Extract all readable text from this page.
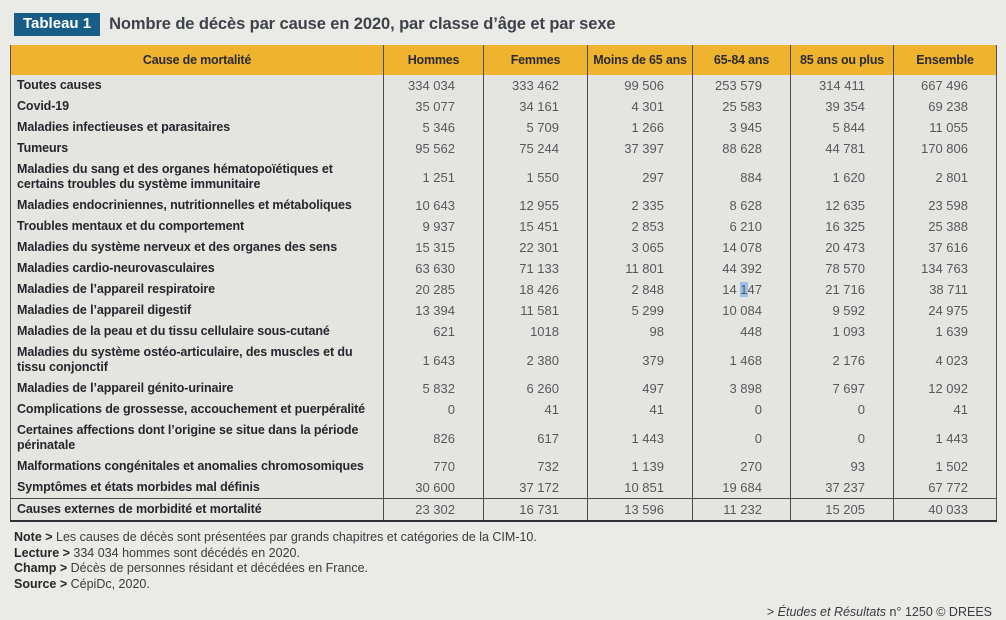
Tableau 1	Nombre de décès par cause en 2020, par classe d’âge et par sexe
Cause de mortalité	Hommes	Femmes	Moins de 65 ans	65-84 ans	85 ans ou plus	Ensemble
Toutes causes	334 034	333 462	99 506	253 579	314 411	667 496
Covid-19	35 077	34 161	4 301	25 583	39 354	69 238
Maladies infectieuses et parasitaires	5 346	5 709	1 266	3 945	5 844	11 055
Tumeurs	95 562	75 244	37 397	88 628	44 781	170 806
Maladies du sang et des organes hématopoïétiques et certains troubles du système immunitaire	1 251	1 550	297	884	1 620	2 801
Maladies endocriniennes, nutritionnelles et métaboliques	10 643	12 955	2 335	8 628	12 635	23 598
Troubles mentaux et du comportement	9 937	15 451	2 853	6 210	16 325	25 388
Maladies du système nerveux et des organes des sens	15 315	22 301	3 065	14 078	20 473	37 616
Maladies cardio-neurovasculaires	63 630	71 133	11 801	44 392	78 570	134 763
Maladies de l’appareil respiratoire	20 285	18 426	2 848	14 147	21 716	38 711
Maladies de l’appareil digestif	13 394	11 581	5 299	10 084	9 592	24 975
Maladies de la peau et du tissu cellulaire sous-cutané	621	1018	98	448	1 093	1 639
Maladies du système ostéo-articulaire, des muscles et du tissu conjonctif	1 643	2 380	379	1 468	2 176	4 023
Maladies de l’appareil génito-urinaire	5 832	6 260	497	3 898	7 697	12 092
Complications de grossesse, accouchement et puerpéralité	0	41	41	0	0	41
Certaines affections dont l’origine se situe dans la période périnatale	826	617	1 443	0	0	1 443
Malformations congénitales et anomalies chromosomiques	770	732	1 139	270	93	1 502
Symptômes et états morbides mal définis	30 600	37 172	10 851	19 684	37 237	67 772
Causes externes de morbidité et mortalité	23 302	16 731	13 596	11 232	15 205	40 033
Note > Les causes de décès sont présentées par grands chapitres et catégories de la CIM-10.
Lecture > 334 034 hommes sont décédés en 2020.
Champ > Décès de personnes résidant et décédées en France.
Source > CépiDc, 2020.
> Études et Résultats n° 1250 © DREES
